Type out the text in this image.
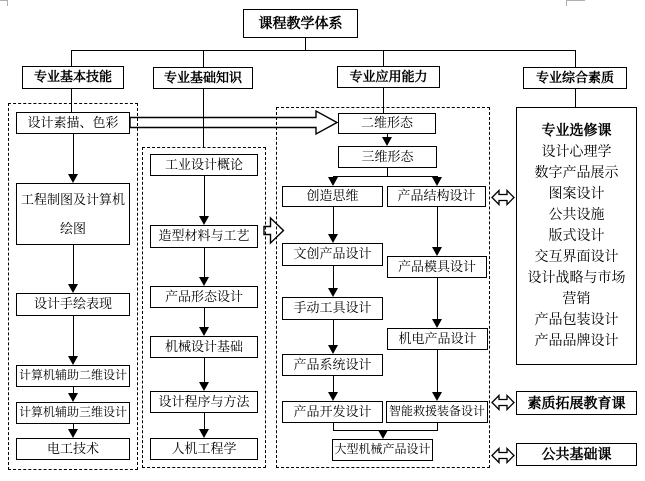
课程教学体系
专业基本技能	专业基础知识	专业应用能力	专业综合素质
设计素描、色彩
工程制图及计算机绘图
设计手绘表现
计算机辅助二维设计
计算机辅助三维设计
电工技术
工业设计概论
造型材料与工艺
产品形态设计
机械设计基础
设计程序与方法
人机工程学
二维形态
三维形态
创造思维
文创产品设计
手动工具设计
产品系统设计
产品开发设计
产品结构设计
产品模具设计
机电产品设计
智能救援装备设计
大型机械产品设计
专业选修课
设计心理学
数字产品展示
图案设计
公共设施
版式设计
交互界面设计
设计战略与市场营销
产品包装设计
产品品牌设计
素质拓展教育课
公共基础课
